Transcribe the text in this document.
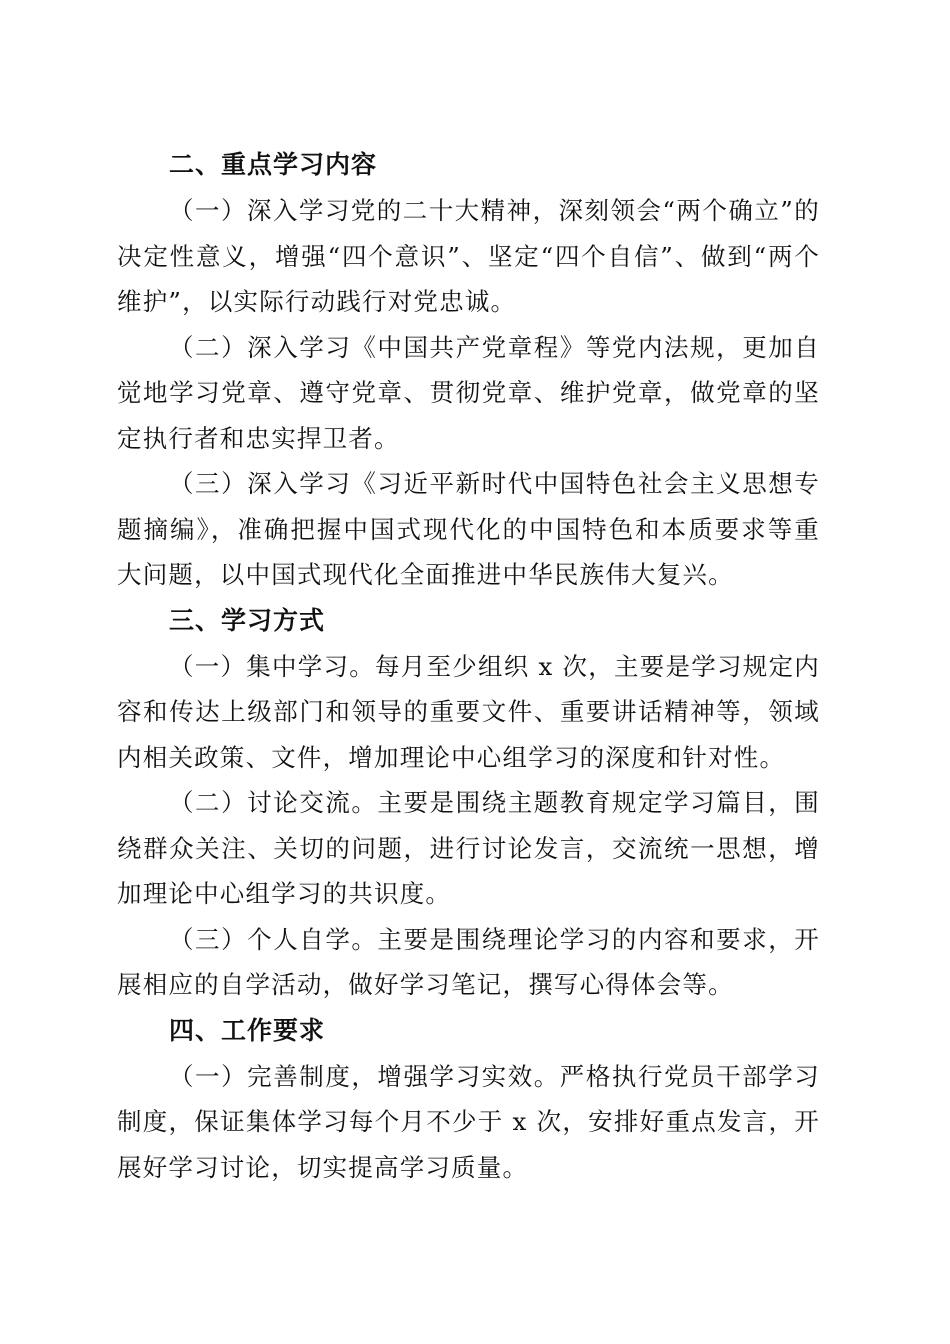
二、重点学习内容

（一）深入学习党的二十大精神，深刻领会“两个确立”的决定性意义，增强“四个意识”、坚定“四个自信”、做到“两个维护”，以实际行动践行对党忠诚。

（二）深入学习《中国共产党章程》等党内法规，更加自觉地学习党章、遵守党章、贯彻党章、维护党章，做党章的坚定执行者和忠实捍卫者。

（三）深入学习《习近平新时代中国特色社会主义思想专题摘编》，准确把握中国式现代化的中国特色和本质要求等重大问题，以中国式现代化全面推进中华民族伟大复兴。

三、学习方式

（一）集中学习。每月至少组织 x 次，主要是学习规定内容和传达上级部门和领导的重要文件、重要讲话精神等，领域内相关政策、文件，增加理论中心组学习的深度和针对性。

（二）讨论交流。主要是围绕主题教育规定学习篇目，围绕群众关注、关切的问题，进行讨论发言，交流统一思想，增加理论中心组学习的共识度。

（三）个人自学。主要是围绕理论学习的内容和要求，开展相应的自学活动，做好学习笔记，撰写心得体会等。

四、工作要求

（一）完善制度，增强学习实效。严格执行党员干部学习制度，保证集体学习每个月不少于 x 次，安排好重点发言，开展好学习讨论，切实提高学习质量。
